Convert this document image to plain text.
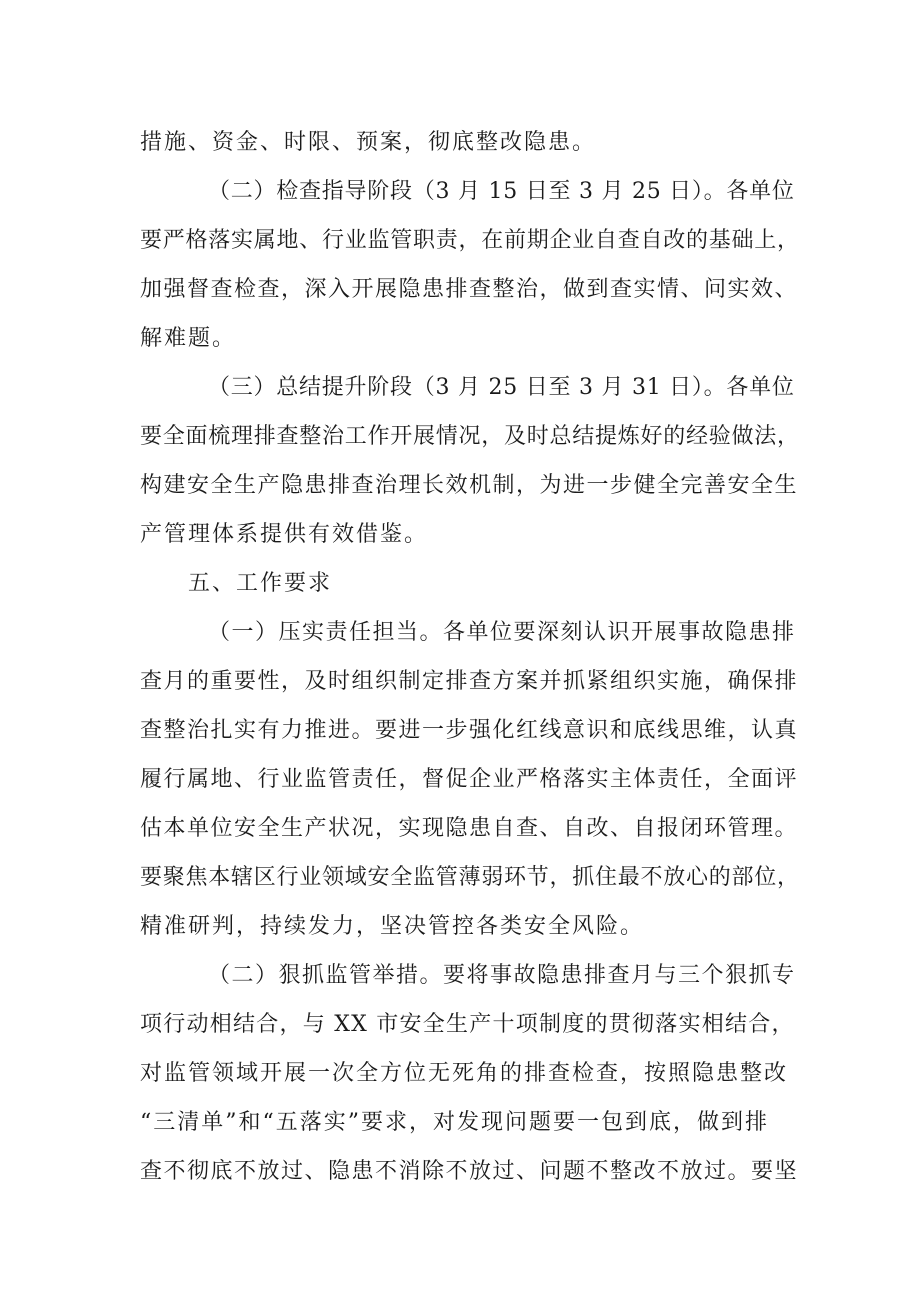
措施、资金、时限、预案，彻底整改隐患。
（二）检查指导阶段（3 月 15 日至 3 月 25 日）。各单位
要严格落实属地、行业监管职责，在前期企业自查自改的基础上，
加强督查检查，深入开展隐患排查整治，做到查实情、问实效、
解难题。
（三）总结提升阶段（3 月 25 日至 3 月 31 日）。各单位
要全面梳理排查整治工作开展情况，及时总结提炼好的经验做法，
构建安全生产隐患排查治理长效机制，为进一步健全完善安全生
产管理体系提供有效借鉴。
五、工作要求
（一）压实责任担当。各单位要深刻认识开展事故隐患排
查月的重要性，及时组织制定排查方案并抓紧组织实施，确保排
查整治扎实有力推进。要进一步强化红线意识和底线思维，认真
履行属地、行业监管责任，督促企业严格落实主体责任，全面评
估本单位安全生产状况，实现隐患自查、自改、自报闭环管理。
要聚焦本辖区行业领域安全监管薄弱环节，抓住最不放心的部位，
精准研判，持续发力，坚决管控各类安全风险。
（二）狠抓监管举措。要将事故隐患排查月与三个狠抓专
项行动相结合，与 XX 市安全生产十项制度的贯彻落实相结合，
对监管领域开展一次全方位无死角的排查检查，按照隐患整改
“三清单”和“五落实”要求，对发现问题要一包到底，做到排
查不彻底不放过、隐患不消除不放过、问题不整改不放过。要坚
